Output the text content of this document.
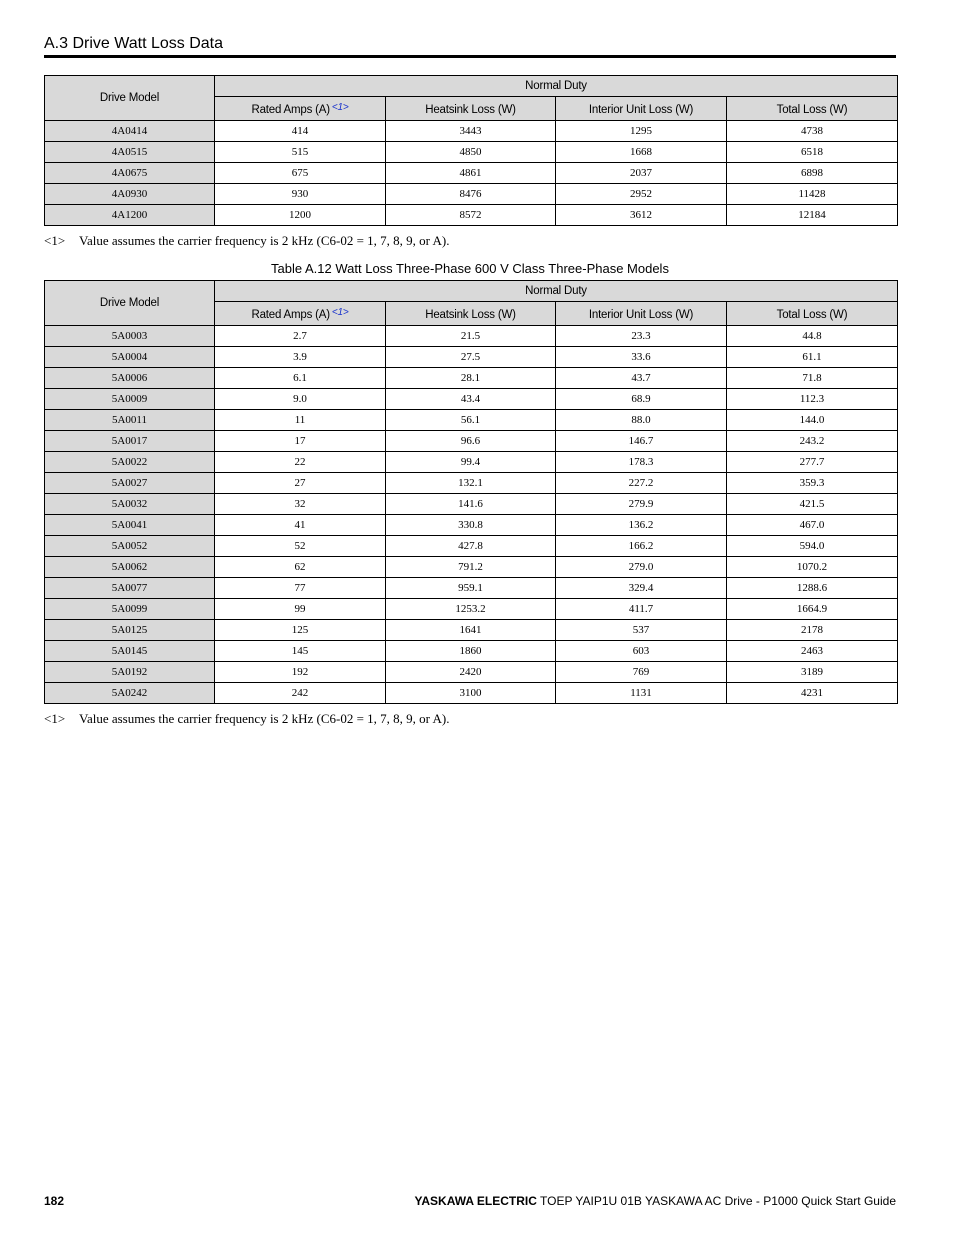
A.3 Drive Watt Loss Data
Drive Model	Normal Duty			
	Rated Amps (A) <1>	Heatsink Loss (W)	Interior Unit Loss (W)	Total Loss (W)
4A0414	414	3443	1295	4738
4A0515	515	4850	1668	6518
4A0675	675	4861	2037	6898
4A0930	930	8476	2952	11428
4A1200	1200	8572	3612	12184
<1> Value assumes the carrier frequency is 2 kHz (C6-02 = 1, 7, 8, 9, or A).
Table A.12 Watt Loss Three-Phase 600 V Class Three-Phase Models
Drive Model	Normal Duty			
	Rated Amps (A) <1>	Heatsink Loss (W)	Interior Unit Loss (W)	Total Loss (W)
5A0003	2.7	21.5	23.3	44.8
5A0004	3.9	27.5	33.6	61.1
5A0006	6.1	28.1	43.7	71.8
5A0009	9.0	43.4	68.9	112.3
5A0011	11	56.1	88.0	144.0
5A0017	17	96.6	146.7	243.2
5A0022	22	99.4	178.3	277.7
5A0027	27	132.1	227.2	359.3
5A0032	32	141.6	279.9	421.5
5A0041	41	330.8	136.2	467.0
5A0052	52	427.8	166.2	594.0
5A0062	62	791.2	279.0	1070.2
5A0077	77	959.1	329.4	1288.6
5A0099	99	1253.2	411.7	1664.9
5A0125	125	1641	537	2178
5A0145	145	1860	603	2463
5A0192	192	2420	769	3189
5A0242	242	3100	1131	4231
<1> Value assumes the carrier frequency is 2 kHz (C6-02 = 1, 7, 8, 9, or A).
182	YASKAWA ELECTRIC TOEP YAIP1U 01B YASKAWA AC Drive - P1000 Quick Start Guide
